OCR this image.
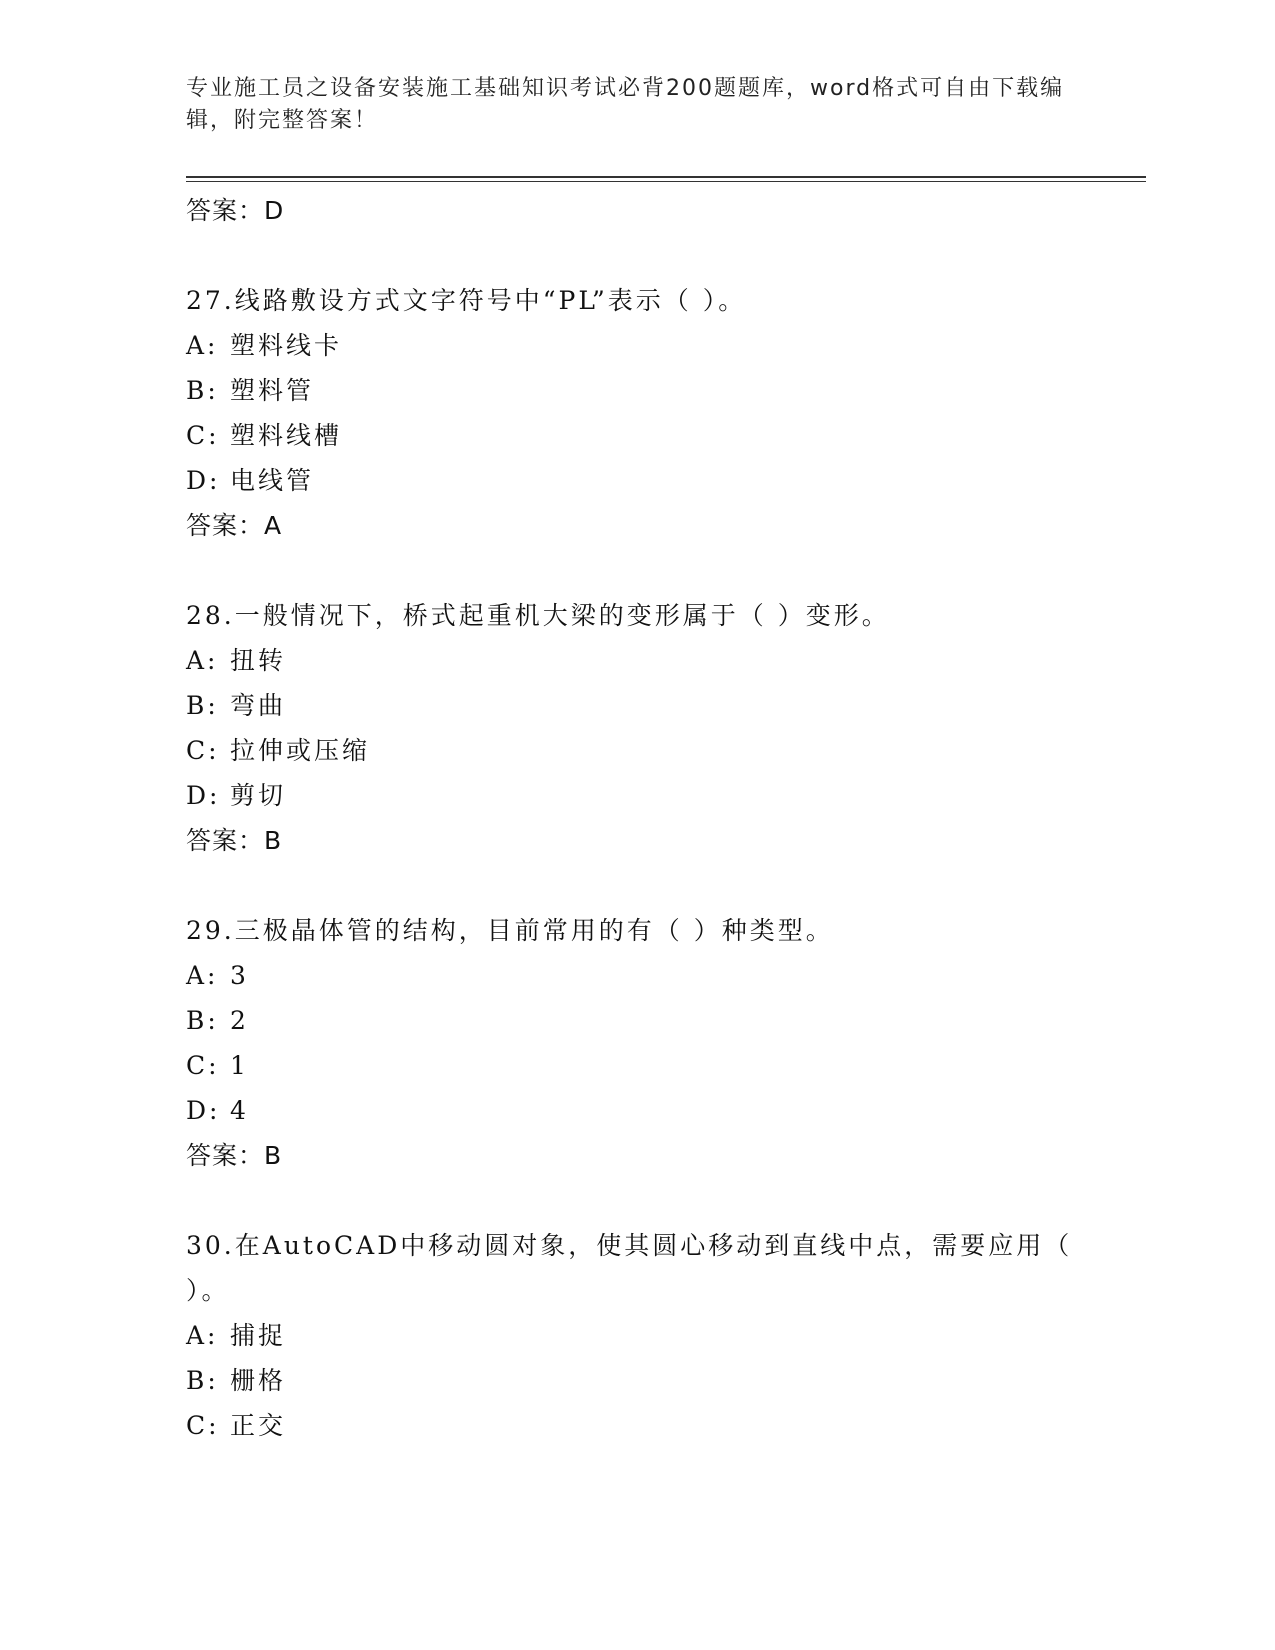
专业施工员之设备安装施工基础知识考试必背200题题库，word格式可自由下载编辑，附完整答案！
答案：D
27.线路敷设方式文字符号中“PL”表示（ ）。
A: 塑料线卡
B: 塑料管
C: 塑料线槽
D: 电线管
答案：A
28.一般情况下，桥式起重机大梁的变形属于（ ）变形。
A: 扭转
B: 弯曲
C: 拉伸或压缩
D: 剪切
答案：B
29.三极晶体管的结构，目前常用的有（ ）种类型。
A: 3
B: 2
C: 1
D: 4
答案：B
30.在AutoCAD中移动圆对象，使其圆心移动到直线中点，需要应用（ ）。
A: 捕捉
B: 栅格
C: 正交
